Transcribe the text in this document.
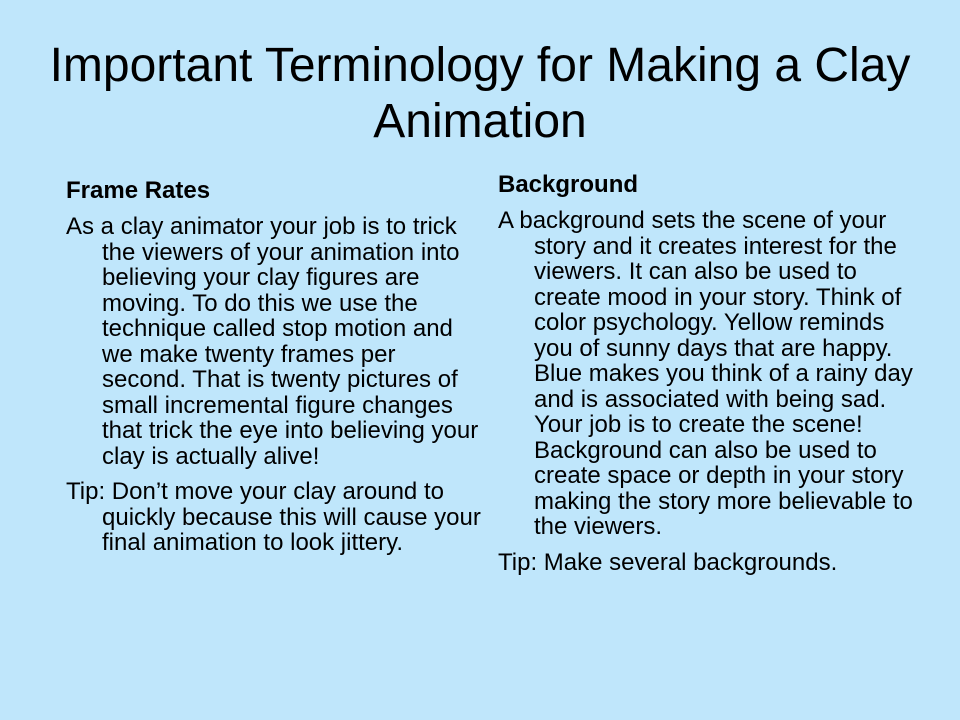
Important Terminology for Making a Clay Animation
Frame Rates
As a clay animator your job is to trick the viewers of your animation into believing your clay figures are moving. To do this we use the technique called stop motion and we make twenty frames per second. That is twenty pictures of small incremental figure changes that trick the eye into believing your clay is actually alive!
Tip: Don’t move your clay around to quickly because this will cause your final animation to look jittery.
Background
A background sets the scene of your story and it creates interest for the viewers. It can also be used to create mood in your story. Think of color psychology. Yellow reminds you of sunny days that are happy. Blue makes you think of a rainy day and is associated with being sad. Your job is to create the scene! Background can also be used to create space or depth in your story making the story more believable to the viewers.
Tip: Make several backgrounds.
